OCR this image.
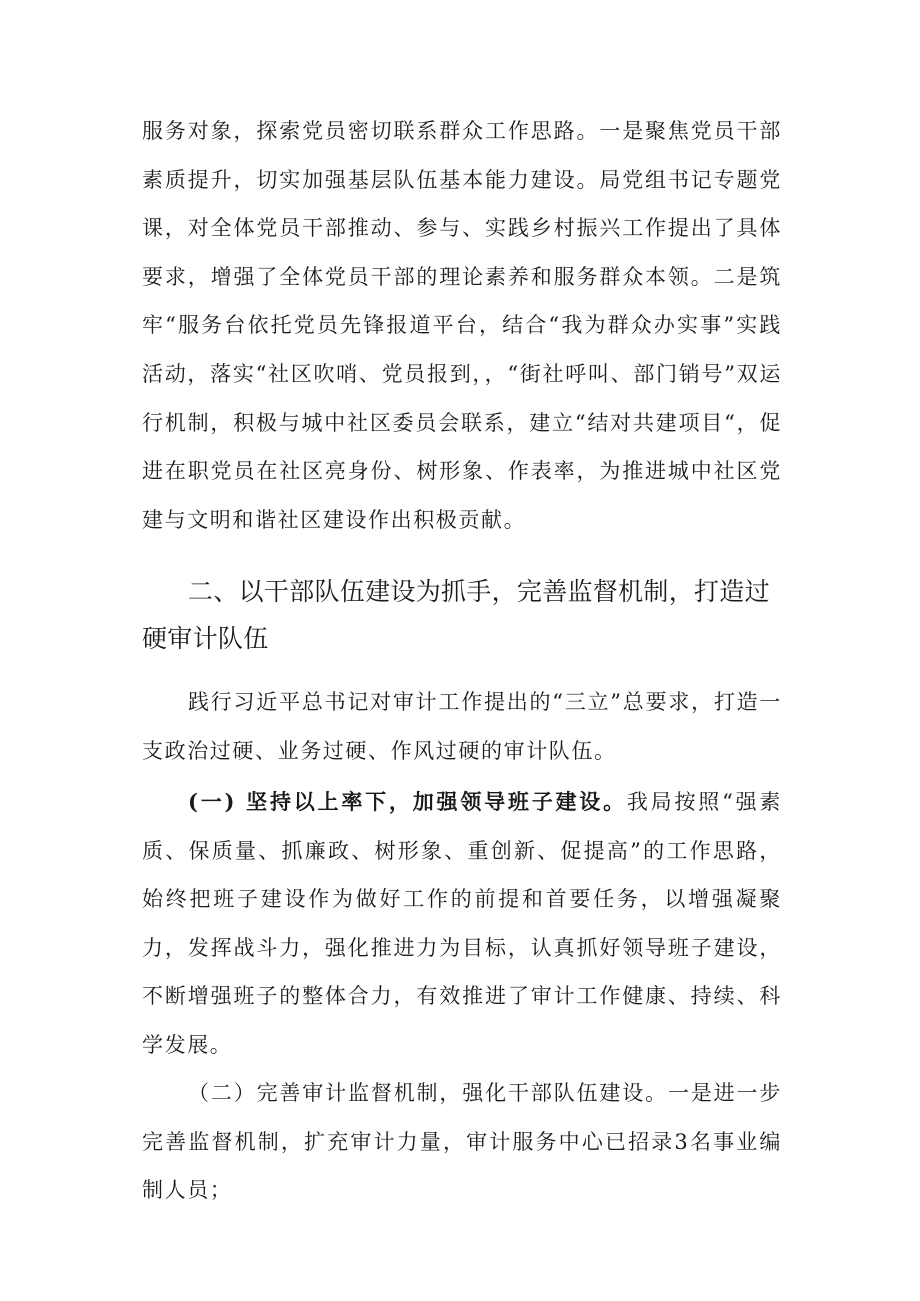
服务对象，探索党员密切联系群众工作思路。一是聚焦党员干部素质提升，切实加强基层队伍基本能力建设。局党组书记专题党课，对全体党员干部推动、参与、实践乡村振兴工作提出了具体要求，增强了全体党员干部的理论素养和服务群众本领。二是筑牢“服务台依托党员先锋报道平台，结合“我为群众办实事”实践活动，落实“社区吹哨、党员报到，，“街社呼叫、部门销号”双运行机制，积极与城中社区委员会联系，建立“结对共建项目“，促进在职党员在社区亮身份、树形象、作表率，为推进城中社区党建与文明和谐社区建设作出积极贡献。

二、以干部队伍建设为抓手，完善监督机制，打造过硬审计队伍

践行习近平总书记对审计工作提出的“三立”总要求，打造一支政治过硬、业务过硬、作风过硬的审计队伍。

(一) 坚持以上率下，加强领导班子建设。我局按照“强素质、保质量、抓廉政、树形象、重创新、促提高”的工作思路，始终把班子建设作为做好工作的前提和首要任务，以增强凝聚力，发挥战斗力，强化推进力为目标，认真抓好领导班子建设，不断增强班子的整体合力，有效推进了审计工作健康、持续、科学发展。

（二）完善审计监督机制，强化干部队伍建设。一是进一步完善监督机制，扩充审计力量，审计服务中心已招录3名事业编制人员；
